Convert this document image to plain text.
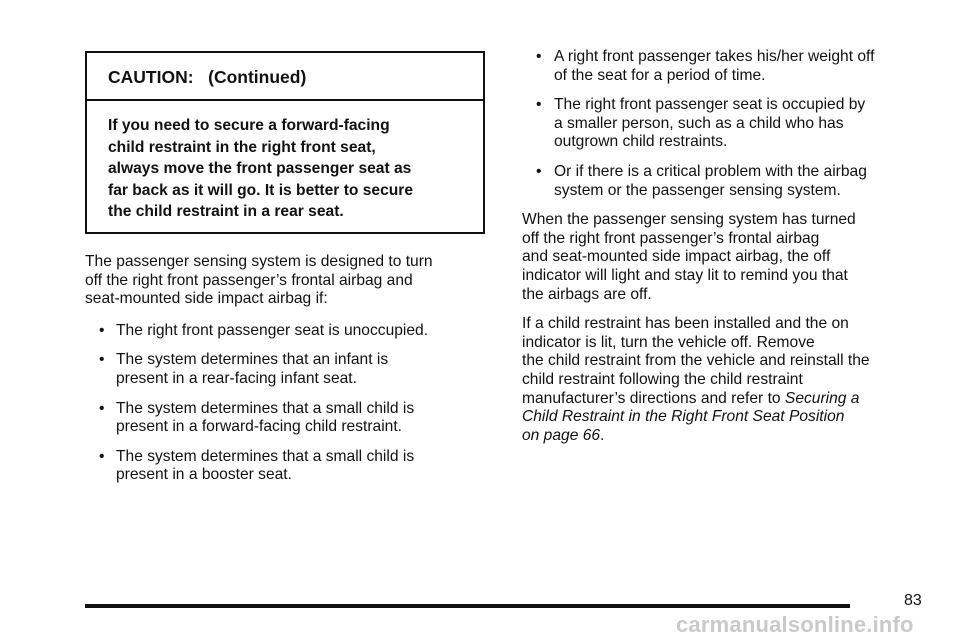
CAUTION:   (Continued)
If you need to secure a forward-facing
child restraint in the right front seat,
always move the front passenger seat as
far back as it will go. It is better to secure
the child restraint in a rear seat.

The passenger sensing system is designed to turn
off the right front passenger’s frontal airbag and
seat-mounted side impact airbag if:

• The right front passenger seat is unoccupied.
• The system determines that an infant is
present in a rear-facing infant seat.
• The system determines that a small child is
present in a forward-facing child restraint.
• The system determines that a small child is
present in a booster seat.
• A right front passenger takes his/her weight off
of the seat for a period of time.
• The right front passenger seat is occupied by
a smaller person, such as a child who has
outgrown child restraints.
• Or if there is a critical problem with the airbag
system or the passenger sensing system.

When the passenger sensing system has turned
off the right front passenger’s frontal airbag
and seat-mounted side impact airbag, the off
indicator will light and stay lit to remind you that
the airbags are off.

If a child restraint has been installed and the on
indicator is lit, turn the vehicle off. Remove
the child restraint from the vehicle and reinstall the
child restraint following the child restraint
manufacturer’s directions and refer to Securing a
Child Restraint in the Right Front Seat Position
on page 66.

83
carmanualsonline.info
